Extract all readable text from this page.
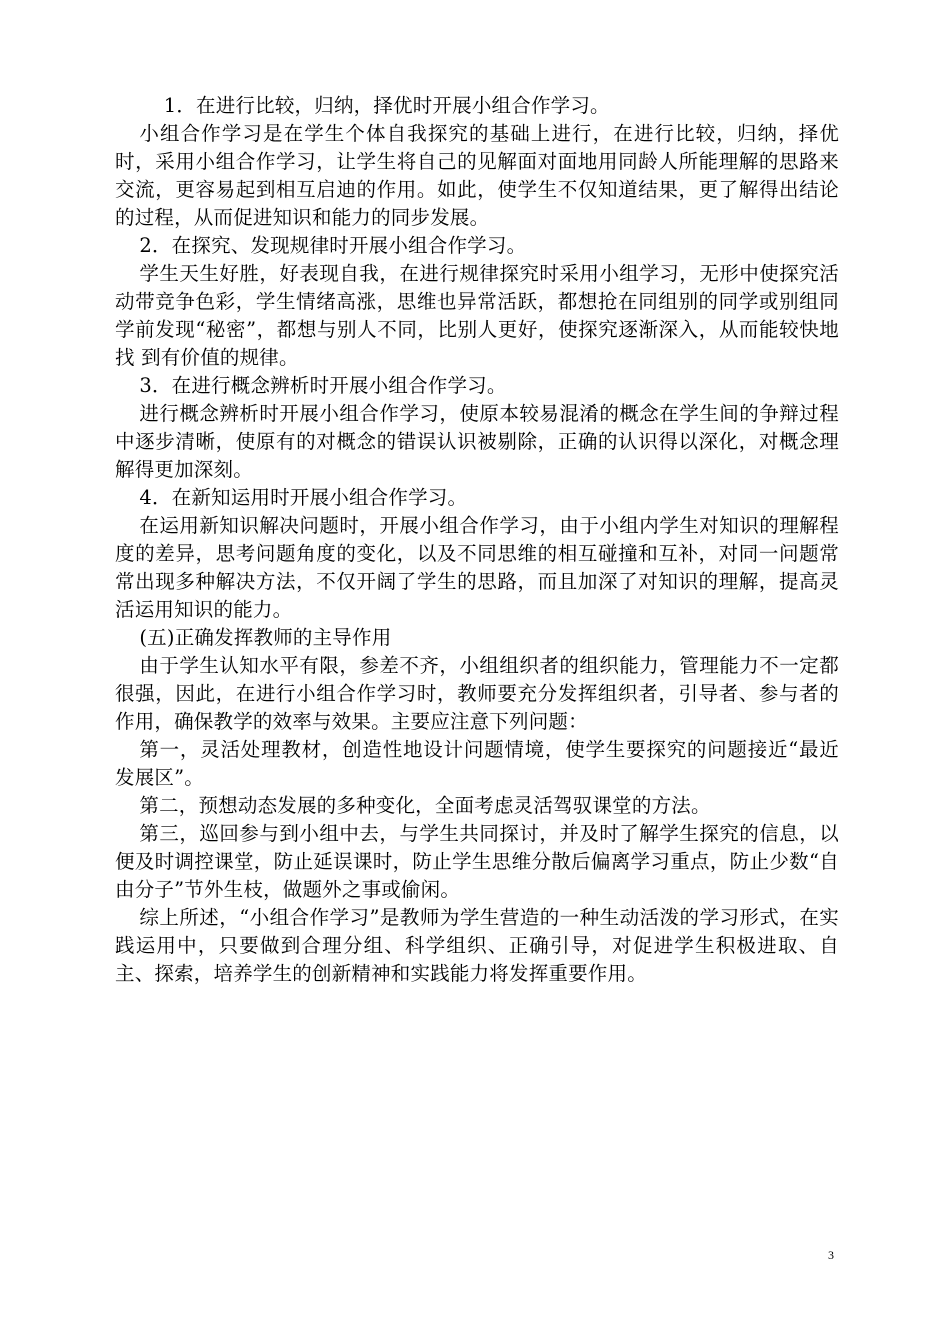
1．在进行比较，归纳，择优时开展小组合作学习。

小组合作学习是在学生个体自我探究的基础上进行，在进行比较，归纳，择优时，采用小组合作学习，让学生将自己的见解面对面地用同龄人所能理解的思路来交流，更容易起到相互启迪的作用。如此，使学生不仅知道结果，更了解得出结论的过程，从而促进知识和能力的同步发展。

2．在探究、发现规律时开展小组合作学习。

学生天生好胜，好表现自我，在进行规律探究时采用小组学习，无形中使探究活动带竞争色彩，学生情绪高涨，思维也异常活跃，都想抢在同组别的同学或别组同学前发现“秘密”，都想与别人不同，比别人更好，使探究逐渐深入，从而能较快地找 到有价值的规律。

3．在进行概念辨析时开展小组合作学习。

进行概念辨析时开展小组合作学习，使原本较易混淆的概念在学生间的争辩过程中逐步清晰，使原有的对概念的错误认识被剔除，正确的认识得以深化，对概念理解得更加深刻。

4．在新知运用时开展小组合作学习。

在运用新知识解决问题时，开展小组合作学习，由于小组内学生对知识的理解程度的差异，思考问题角度的变化，以及不同思维的相互碰撞和互补，对同一问题常常出现多种解决方法，不仅开阔了学生的思路，而且加深了对知识的理解，提高灵活运用知识的能力。

(五)正确发挥教师的主导作用

由于学生认知水平有限，参差不齐，小组组织者的组织能力，管理能力不一定都很强，因此，在进行小组合作学习时，教师要充分发挥组织者，引导者、参与者的作用，确保教学的效率与效果。主要应注意下列问题：

第一，灵活处理教材，创造性地设计问题情境，使学生要探究的问题接近“最近发展区”。

第二，预想动态发展的多种变化，全面考虑灵活驾驭课堂的方法。

第三，巡回参与到小组中去，与学生共同探讨，并及时了解学生探究的信息，以便及时调控课堂，防止延误课时，防止学生思维分散后偏离学习重点，防止少数“自由分子”节外生枝，做题外之事或偷闲。

综上所述，“小组合作学习”是教师为学生营造的一种生动活泼的学习形式，在实践运用中，只要做到合理分组、科学组织、正确引导，对促进学生积极进取、自主、探索，培养学生的创新精神和实践能力将发挥重要作用。

3
